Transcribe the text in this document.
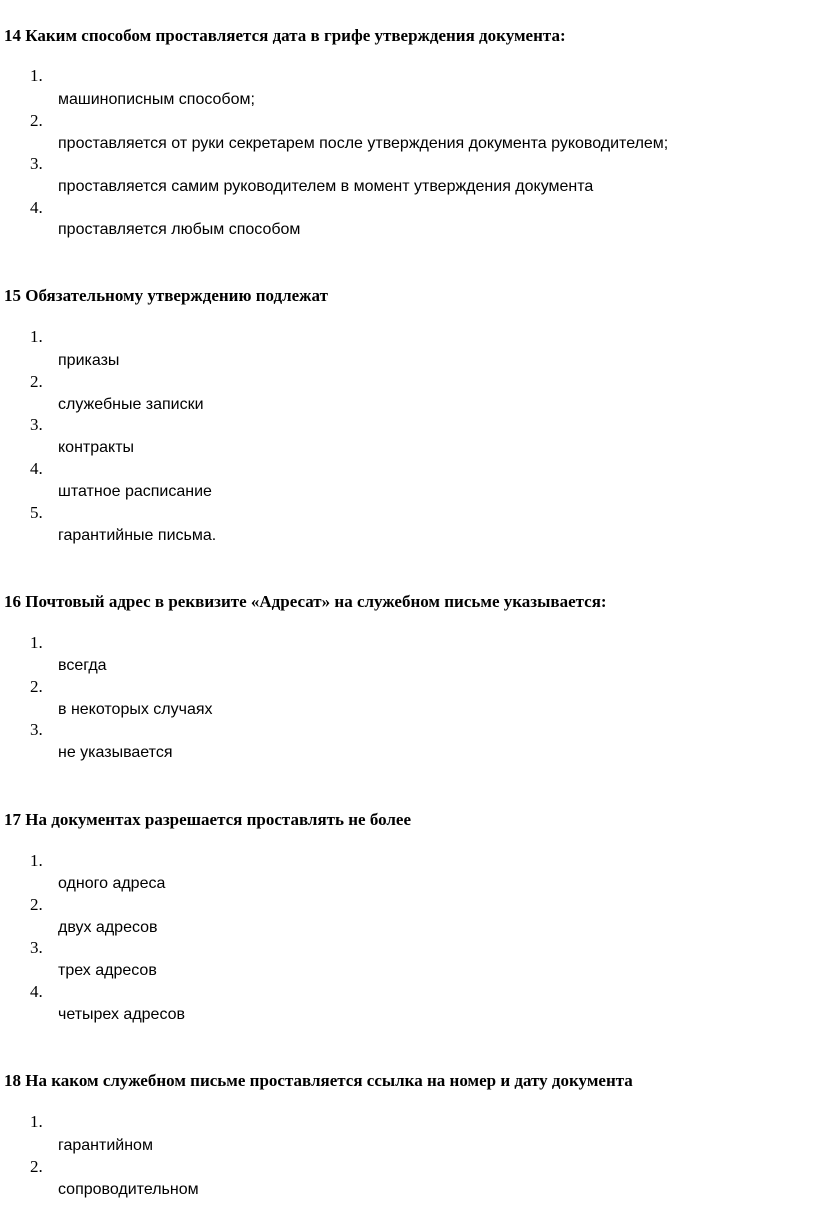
14 Каким способом проставляется дата в грифе утверждения документа:
1.
машинописным способом;
2.
проставляется от руки секретарем после утверждения документа руководителем;
3.
проставляется самим руководителем в момент утверждения документа
4.
проставляется любым способом
15 Обязательному утверждению подлежат
1.
приказы
2.
служебные записки
3.
контракты
4.
штатное расписание
5.
гарантийные письма.
16 Почтовый адрес в реквизите «Адресат» на служебном письме указывается:
1.
всегда
2.
в некоторых случаях
3.
не указывается
17 На документах разрешается проставлять не более
1.
одного адреса
2.
двух адресов
3.
трех адресов
4.
четырех адресов
18 На каком служебном письме проставляется ссылка на номер и дату документа
1.
гарантийном
2.
сопроводительном
